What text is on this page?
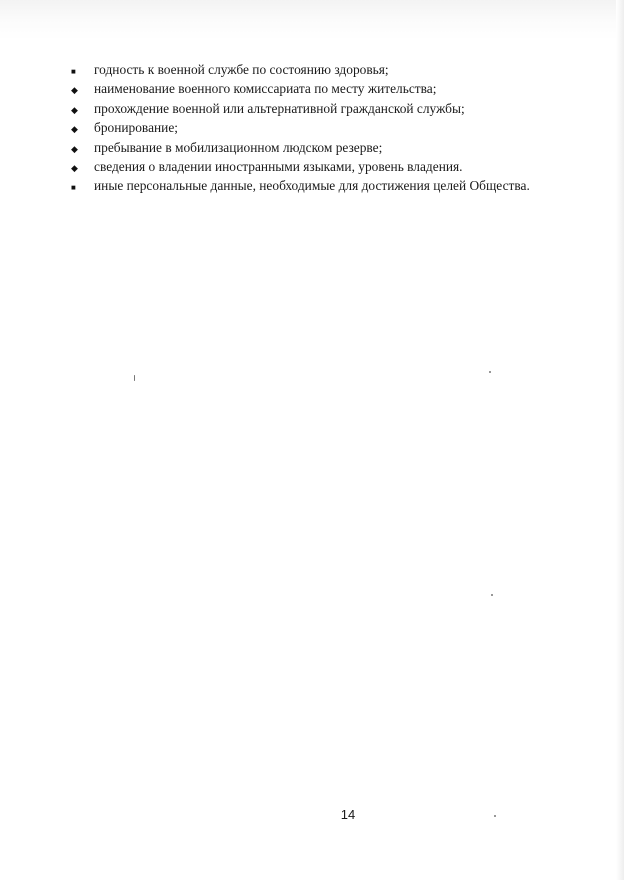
■	годность к военной службе по состоянию здоровья;
◆	наименование военного комиссариата по месту жительства;
◆	прохождение военной или альтернативной гражданской службы;
◆	бронирование;
◆	пребывание в мобилизационном людском резерве;
◆	сведения о владении иностранными языками, уровень владения.
■	иные персональные данные, необходимые для достижения целей Общества.
14
